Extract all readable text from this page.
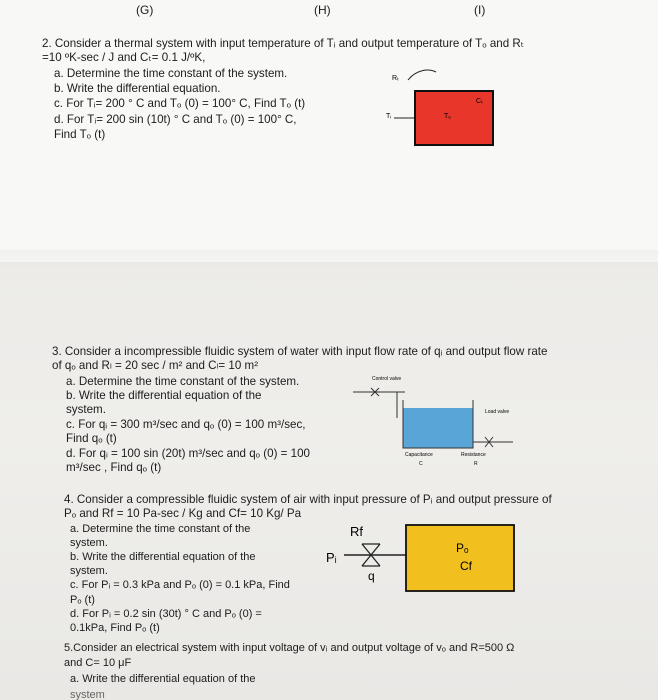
(G)	(H)	(I)
2. Consider a thermal system with input temperature of Tᵢ and output temperature of Tₒ and Rₜ
=10 ºK-sec / J and Cₜ= 0.1 J/ºK,
a. Determine the time constant of the system.
b. Write the differential equation.
c. For Tᵢ= 200 ° C and Tₒ (0) = 100° C, Find Tₒ (t)
d. For Tᵢ= 200 sin (10t) ° C and Tₒ (0) = 100° C,
Find Tₒ (t)
Rₜ
Tᵢ	Tₒ
Cₜ
3. Consider a incompressible fluidic system of water with input flow rate of qᵢ and output flow rate
of qₒ and Rₗ = 20 sec / m² and Cₗ= 10 m²
a. Determine the time constant of the system.
b. Write the differential equation of the
system.
c. For qᵢ = 300 m³/sec and qₒ (0) = 100 m³/sec,
Find qₒ (t)
d. For qᵢ = 100 sin (20t) m³/sec and qₒ (0) = 100
m³/sec , Find qₒ (t)
Control valve
Load valve
Capacitance
C
Resistance
R
4. Consider a compressible fluidic system of air with input pressure of Pᵢ and output pressure of
Pₒ and Rf = 10 Pa-sec / Kg and Cf= 10 Kg/ Pa
a. Determine the time constant of the
system.
b. Write the differential equation of the
system.
c. For Pᵢ = 0.3 kPa and Pₒ (0) = 0.1 kPa, Find
Pₒ (t)
d. For Pᵢ = 0.2 sin (30t) ° C and Pₒ (0) =
0.1kPa, Find Pₒ (t)
Rf
Pᵢ
q
Pₒ
Cf
5.Consider an electrical system with input voltage of vᵢ and output voltage of vₒ and R=500 Ω
and C= 10 μF
a. Write the differential equation of the
system
